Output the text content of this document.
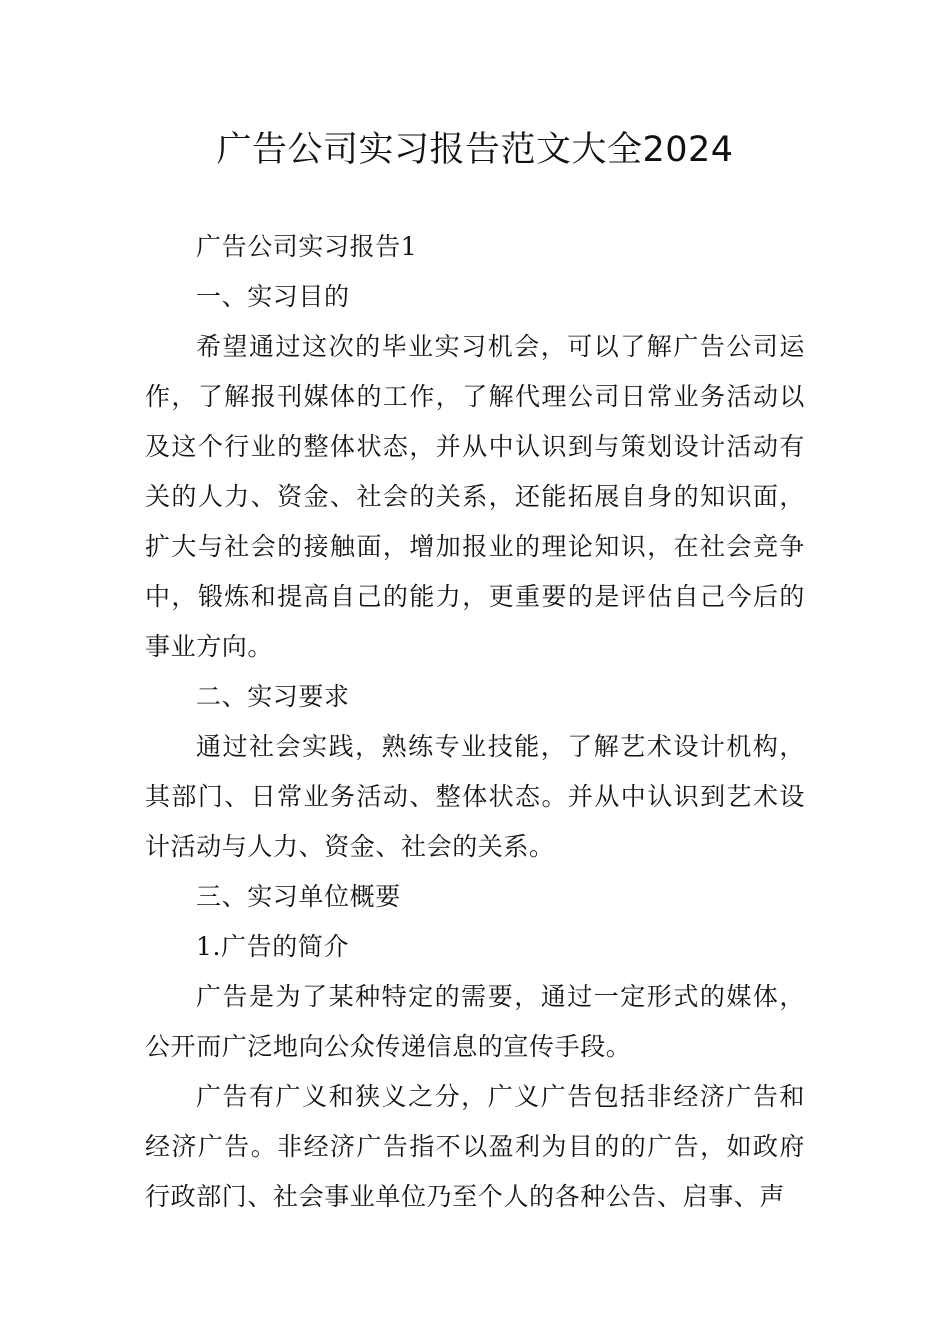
广告公司实习报告范文大全2024

广告公司实习报告1

一、实习目的

希望通过这次的毕业实习机会，可以了解广告公司运作，了解报刊媒体的工作，了解代理公司日常业务活动以及这个行业的整体状态，并从中认识到与策划设计活动有关的人力、资金、社会的关系，还能拓展自身的知识面，扩大与社会的接触面，增加报业的理论知识，在社会竞争中，锻炼和提高自己的能力，更重要的是评估自己今后的事业方向。

二、实习要求

通过社会实践，熟练专业技能，了解艺术设计机构，其部门、日常业务活动、整体状态。并从中认识到艺术设计活动与人力、资金、社会的关系。

三、实习单位概要

1.广告的简介

广告是为了某种特定的需要，通过一定形式的媒体，公开而广泛地向公众传递信息的宣传手段。

广告有广义和狭义之分，广义广告包括非经济广告和经济广告。非经济广告指不以盈利为目的的广告，如政府行政部门、社会事业单位乃至个人的各种公告、启事、声
